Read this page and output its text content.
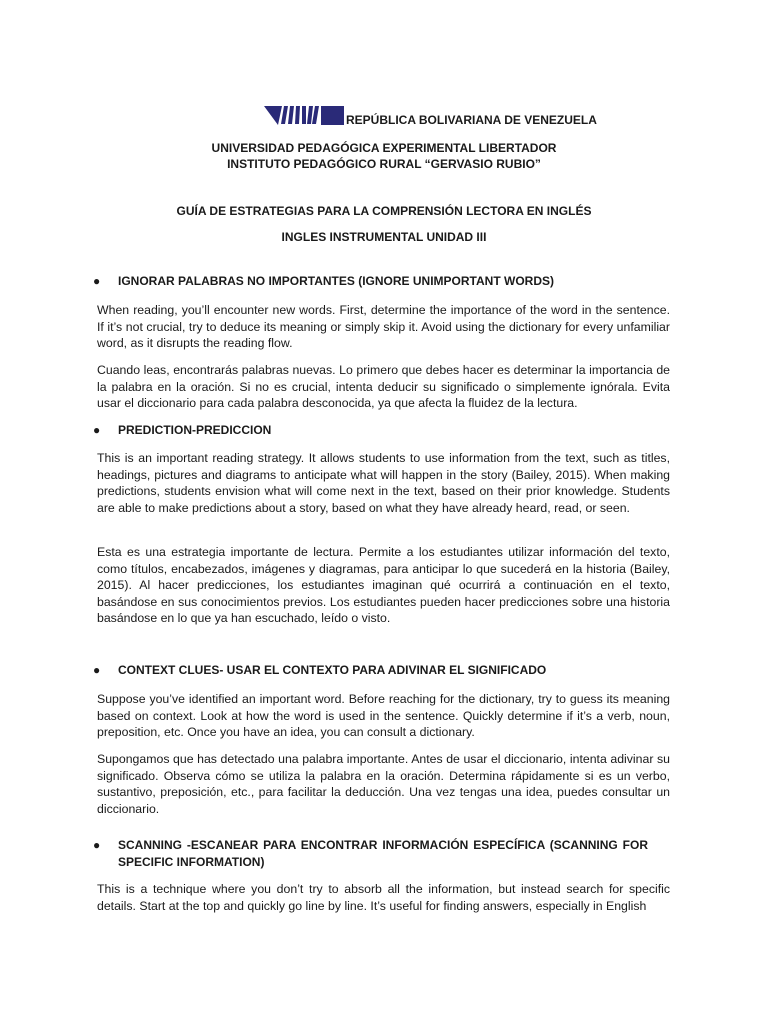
REPÚBLICA BOLIVARIANA DE VENEZUELA
UNIVERSIDAD PEDAGÓGICA EXPERIMENTAL LIBERTADOR
INSTITUTO PEDAGÓGICO RURAL “GERVASIO RUBIO”
GUÍA DE ESTRATEGIAS PARA LA COMPRENSIÓN LECTORA EN INGLÉS
INGLES INSTRUMENTAL UNIDAD III
● IGNORAR PALABRAS NO IMPORTANTES (IGNORE UNIMPORTANT WORDS)
When reading, you’ll encounter new words. First, determine the importance of the word in the sentence. If it’s not crucial, try to deduce its meaning or simply skip it. Avoid using the dictionary for every unfamiliar word, as it disrupts the reading flow.
Cuando leas, encontrarás palabras nuevas. Lo primero que debes hacer es determinar la importancia de la palabra en la oración. Si no es crucial, intenta deducir su significado o simplemente ignórala. Evita usar el diccionario para cada palabra desconocida, ya que afecta la fluidez de la lectura.
● PREDICTION-PREDICCION
This is an important reading strategy. It allows students to use information from the text, such as titles, headings, pictures and diagrams to anticipate what will happen in the story (Bailey, 2015). When making predictions, students envision what will come next in the text, based on their prior knowledge. Students are able to make predictions about a story, based on what they have already heard, read, or seen.
Esta es una estrategia importante de lectura. Permite a los estudiantes utilizar información del texto, como títulos, encabezados, imágenes y diagramas, para anticipar lo que sucederá en la historia (Bailey, 2015). Al hacer predicciones, los estudiantes imaginan qué ocurrirá a continuación en el texto, basándose en sus conocimientos previos. Los estudiantes pueden hacer predicciones sobre una historia basándose en lo que ya han escuchado, leído o visto.
● CONTEXT CLUES- USAR EL CONTEXTO PARA ADIVINAR EL SIGNIFICADO
Suppose you’ve identified an important word. Before reaching for the dictionary, try to guess its meaning based on context. Look at how the word is used in the sentence. Quickly determine if it’s a verb, noun, preposition, etc. Once you have an idea, you can consult a dictionary.
Supongamos que has detectado una palabra importante. Antes de usar el diccionario, intenta adivinar su significado. Observa cómo se utiliza la palabra en la oración. Determina rápidamente si es un verbo, sustantivo, preposición, etc., para facilitar la deducción. Una vez tengas una idea, puedes consultar un diccionario.
● SCANNING -ESCANEAR PARA ENCONTRAR INFORMACIÓN ESPECÍFICA (SCANNING FOR SPECIFIC INFORMATION)
This is a technique where you don’t try to absorb all the information, but instead search for specific details. Start at the top and quickly go line by line. It’s useful for finding answers, especially in English
